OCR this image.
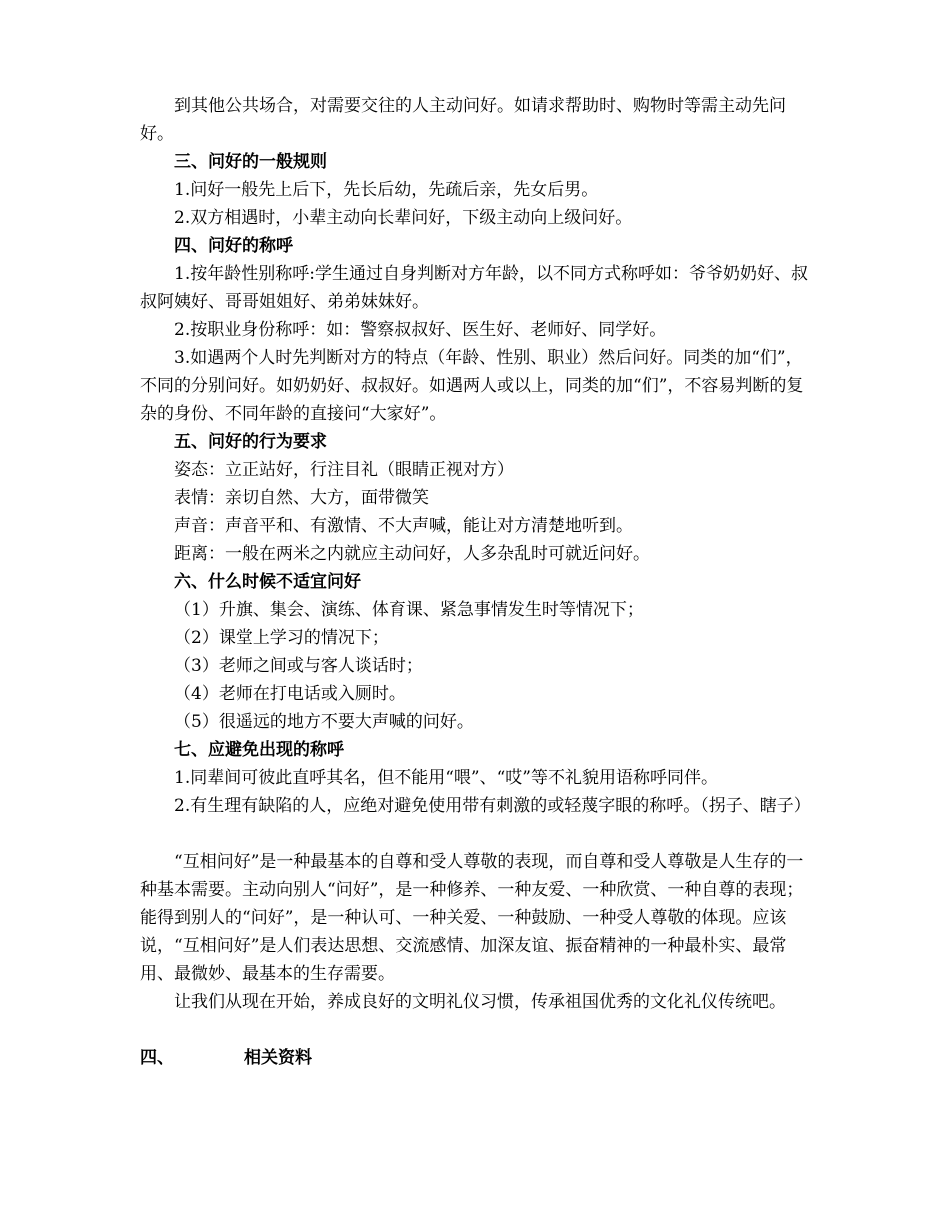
到其他公共场合，对需要交往的人主动问好。如请求帮助时、购物时等需主动先问好。

三、问好的一般规则

1.问好一般先上后下，先长后幼，先疏后亲，先女后男。

2.双方相遇时，小辈主动向长辈问好，下级主动向上级问好。

四、问好的称呼

1.按年龄性别称呼:学生通过自身判断对方年龄，以不同方式称呼如：爷爷奶奶好、叔叔阿姨好、哥哥姐姐好、弟弟妹妹好。

2.按职业身份称呼：如：警察叔叔好、医生好、老师好、同学好。

3.如遇两个人时先判断对方的特点（年龄、性别、职业）然后问好。同类的加“们”，不同的分别问好。如奶奶好、叔叔好。如遇两人或以上，同类的加“们”，不容易判断的复杂的身份、不同年龄的直接问“大家好”。

五、问好的行为要求

姿态：立正站好，行注目礼（眼睛正视对方）

表情：亲切自然、大方，面带微笑

声音：声音平和、有激情、不大声喊，能让对方清楚地听到。

距离：一般在两米之内就应主动问好，人多杂乱时可就近问好。

六、什么时候不适宜问好

（1）升旗、集会、演练、体育课、紧急事情发生时等情况下；

（2）课堂上学习的情况下；

（3）老师之间或与客人谈话时；

（4）老师在打电话或入厕时。

（5）很遥远的地方不要大声喊的问好。

七、应避免出现的称呼

1.同辈间可彼此直呼其名，但不能用“喂”、“哎”等不礼貌用语称呼同伴。

2.有生理有缺陷的人，应绝对避免使用带有刺激的或轻蔑字眼的称呼。（拐子、瞎子）

“互相问好”是一种最基本的自尊和受人尊敬的表现，而自尊和受人尊敬是人生存的一种基本需要。主动向别人“问好”，是一种修养、一种友爱、一种欣赏、一种自尊的表现；能得到别人的“问好”，是一种认可、一种关爱、一种鼓励、一种受人尊敬的体现。应该说，“互相问好”是人们表达思想、交流感情、加深友谊、振奋精神的一种最朴实、最常用、最微妙、最基本的生存需要。

让我们从现在开始，养成良好的文明礼仪习惯，传承祖国优秀的文化礼仪传统吧。

四、	相关资料
